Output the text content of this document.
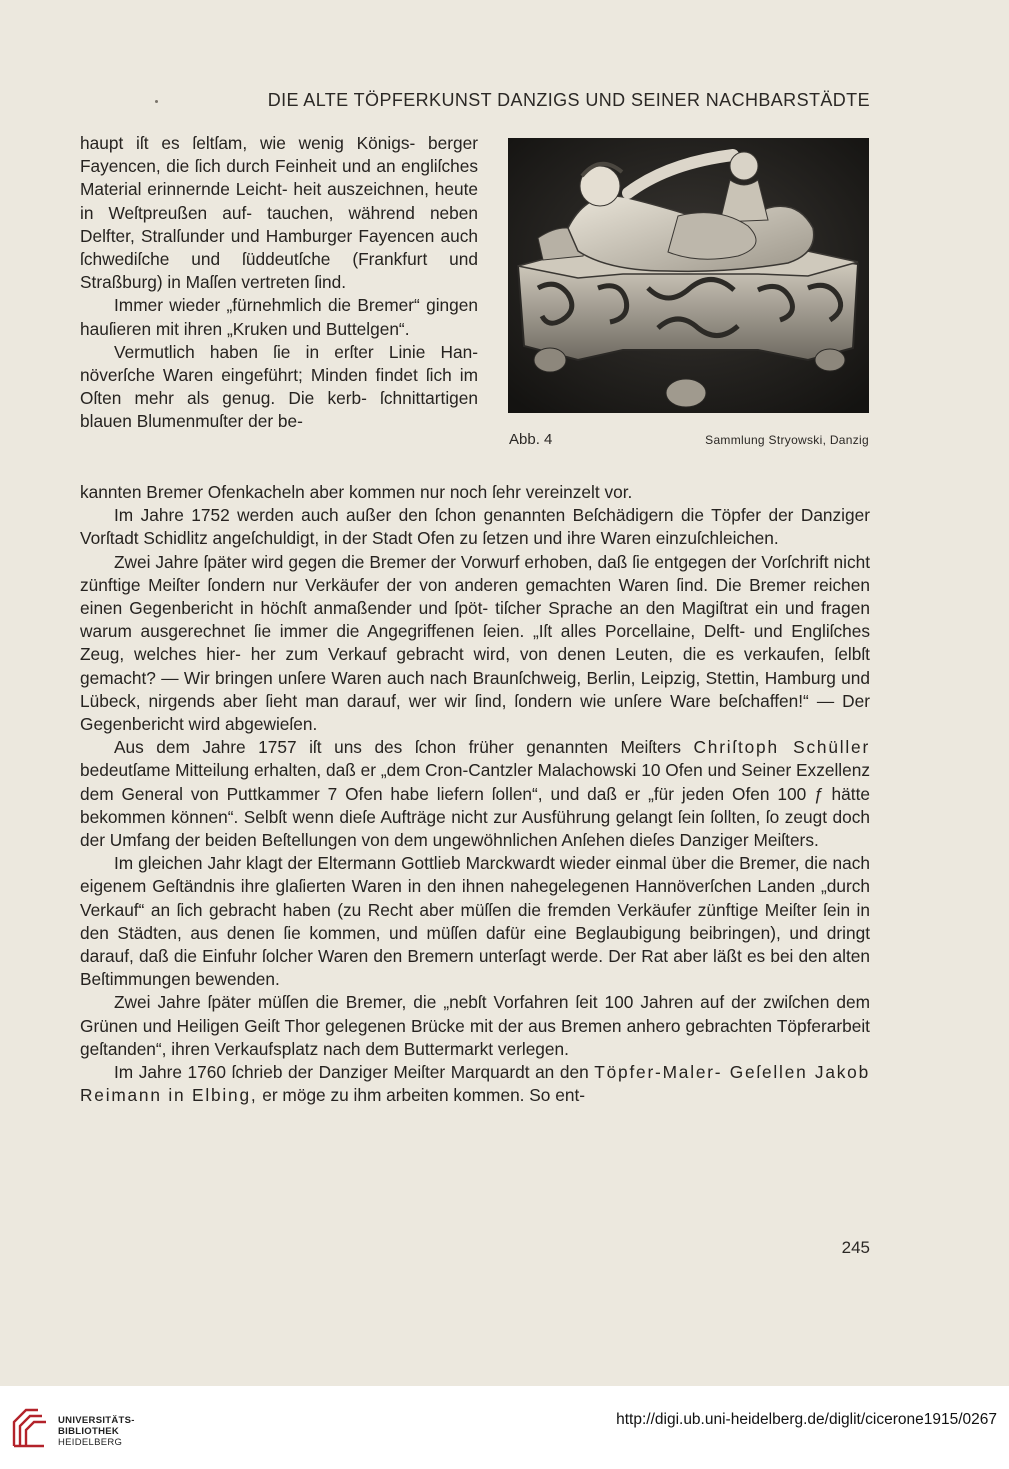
DIE ALTE TÖPFERKUNST DANZIGS UND SEINER NACHBARSTÄDTE

haupt iſt es ſeltſam, wie wenig Königs- berger Fayencen, die ſich durch Feinheit und an engliſches Material erinnernde Leicht- heit auszeichnen, heute in Weſtpreußen auf- tauchen, während neben Delfter, Stralſunder und Hamburger Fayencen auch ſchwediſche und ſüddeutſche (Frankfurt und Straßburg) in Maſſen vertreten ſind.

Immer wieder „fürnehmlich die Bremer“ gingen hauſieren mit ihren „Kruken und Buttelgen“.

Vermutlich haben ſie in erſter Linie Han- növerſche Waren eingeführt; Minden findet ſich im Oſten mehr als genug. Die kerb- ſchnittartigen blauen Blumenmuſter der be-

Abb. 4	Sammlung Stryowski, Danzig

kannten Bremer Ofenkacheln aber kommen nur noch ſehr vereinzelt vor.

Im Jahre 1752 werden auch außer den ſchon genannten Beſchädigern die Töpfer der Danziger Vorſtadt Schidlitz angeſchuldigt, in der Stadt Ofen zu ſetzen und ihre Waren einzuſchleichen.

Zwei Jahre ſpäter wird gegen die Bremer der Vorwurf erhoben, daß ſie entgegen der Vorſchrift nicht zünftige Meiſter ſondern nur Verkäufer der von anderen gemachten Waren ſind. Die Bremer reichen einen Gegenbericht in höchſt anmaßender und ſpöt- tiſcher Sprache an den Magiſtrat ein und fragen warum ausgerechnet ſie immer die Angegriffenen ſeien. „Iſt alles Porcellaine, Delft- und Engliſches Zeug, welches hier- her zum Verkauf gebracht wird, von denen Leuten, die es verkaufen, ſelbſt gemacht? — Wir bringen unſere Waren auch nach Braunſchweig, Berlin, Leipzig, Stettin, Hamburg und Lübeck, nirgends aber ſieht man darauf, wer wir ſind, ſondern wie unſere Ware beſchaffen!“ — Der Gegenbericht wird abgewieſen.

Aus dem Jahre 1757 iſt uns des ſchon früher genannten Meiſters Chriſtoph Schüller bedeutſame Mitteilung erhalten, daß er „dem Cron-Cantzler Malachowski 10 Ofen und Seiner Exzellenz dem General von Puttkammer 7 Ofen habe liefern ſollen“, und daß er „für jeden Ofen 100 ƒ hätte bekommen können“. Selbſt wenn dieſe Aufträge nicht zur Ausführung gelangt ſein ſollten, ſo zeugt doch der Umfang der beiden Beſtellungen von dem ungewöhnlichen Anſehen dieſes Danziger Meiſters.

Im gleichen Jahr klagt der Eltermann Gottlieb Marckwardt wieder einmal über die Bremer, die nach eigenem Geſtändnis ihre glaſierten Waren in den ihnen nahegelegenen Hannöverſchen Landen „durch Verkauf“ an ſich gebracht haben (zu Recht aber müſſen die fremden Verkäufer zünftige Meiſter ſein in den Städten, aus denen ſie kommen, und müſſen dafür eine Beglaubigung beibringen), und dringt darauf, daß die Einfuhr ſolcher Waren den Bremern unterſagt werde. Der Rat aber läßt es bei den alten Beſtimmungen bewenden.

Zwei Jahre ſpäter müſſen die Bremer, die „nebſt Vorfahren ſeit 100 Jahren auf der zwiſchen dem Grünen und Heiligen Geiſt Thor gelegenen Brücke mit der aus Bremen anhero gebrachten Töpferarbeit geſtanden“, ihren Verkaufsplatz nach dem Buttermarkt verlegen.

Im Jahre 1760 ſchrieb der Danziger Meiſter Marquardt an den Töpfer-Maler- Geſellen Jakob Reimann in Elbing, er möge zu ihm arbeiten kommen. So ent-

245
UNIVERSITÄTS-
BIBLIOTHEK
HEIDELBERG
http://digi.ub.uni-heidelberg.de/diglit/cicerone1915/0267
